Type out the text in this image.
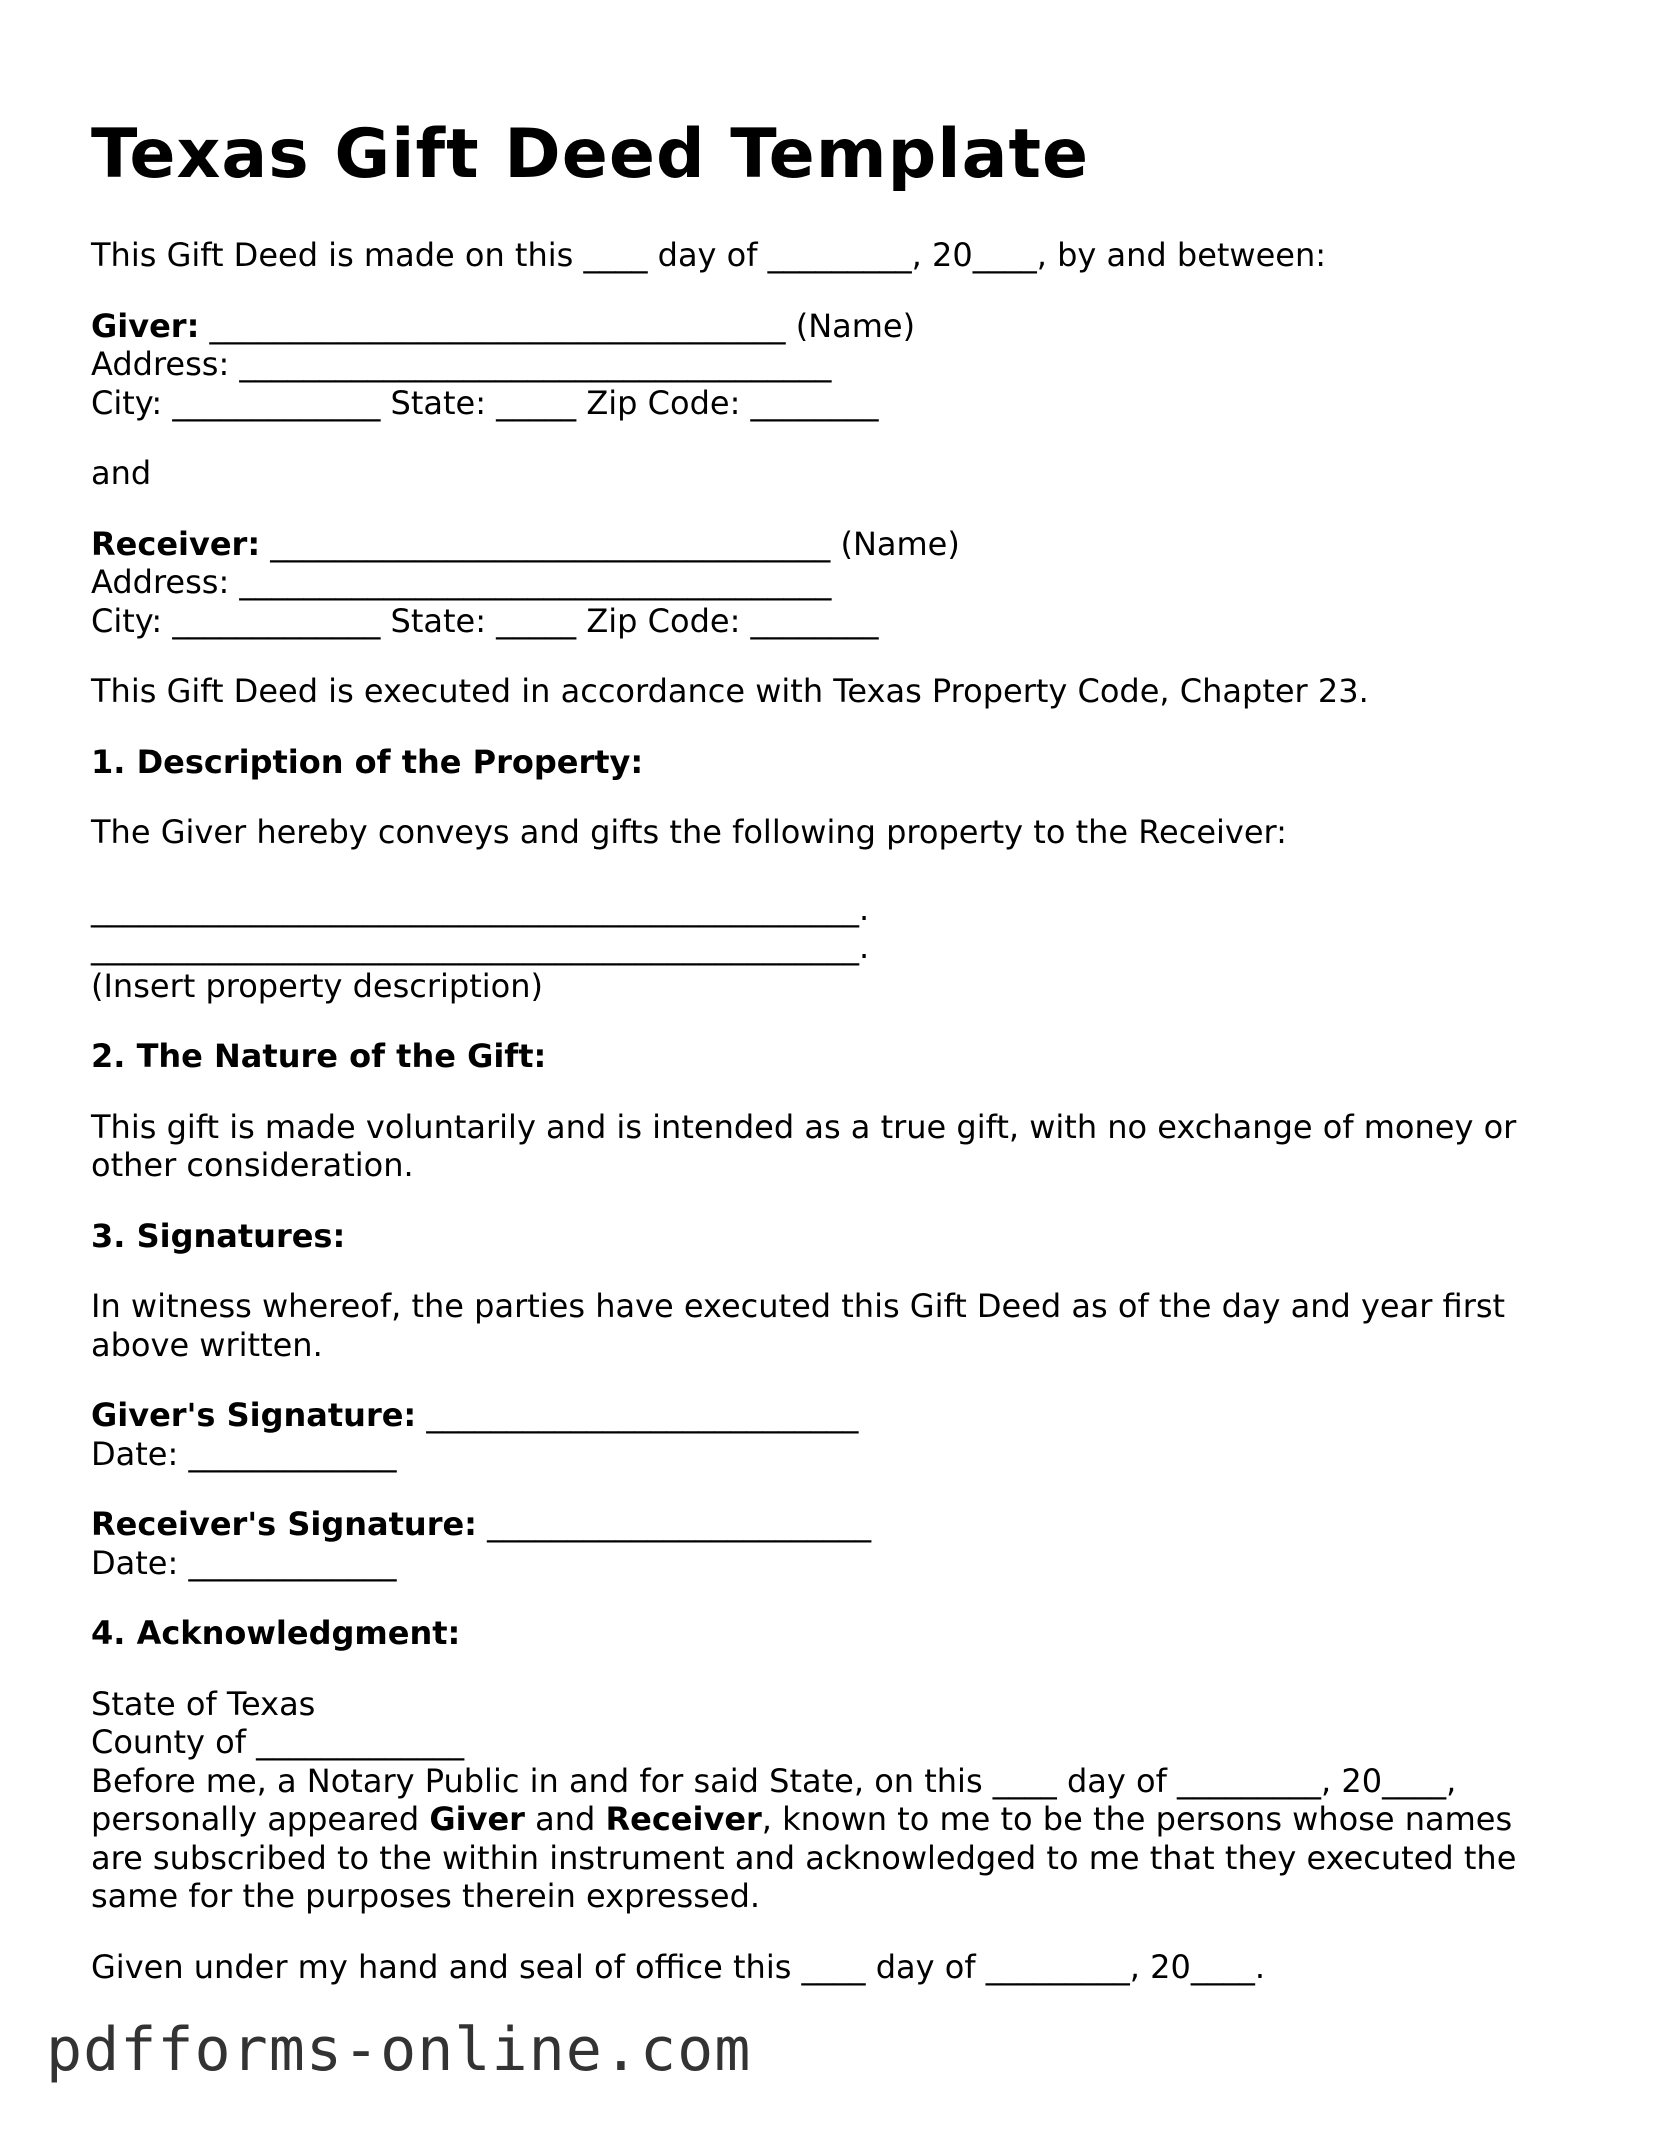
Texas Gift Deed Template

This Gift Deed is made on this ____ day of _________, 20____, by and between:

Giver: ____________________________________ (Name)

Address: _____________________________________

City: _____________ State: _____ Zip Code: ________

and

Receiver: ___________________________________ (Name)

Address: _____________________________________

City: _____________ State: _____ Zip Code: ________

This Gift Deed is executed in accordance with Texas Property Code, Chapter 23.

1. Description of the Property:

The Giver hereby conveys and gifts the following property to the Receiver:

________________________________________________.

________________________________________________.

(Insert property description)

2. The Nature of the Gift:

This gift is made voluntarily and is intended as a true gift, with no exchange of money or other consideration.

3. Signatures:

In witness whereof, the parties have executed this Gift Deed as of the day and year first above written.

Giver's Signature: ___________________________

Date: _____________

Receiver's Signature: ________________________

Date: _____________

4. Acknowledgment:

State of Texas

County of _____________

Before me, a Notary Public in and for said State, on this ____ day of _________, 20____,

personally appeared Giver and Receiver, known to me to be the persons whose names are subscribed to the within instrument and acknowledged to me that they executed the same for the purposes therein expressed.

Given under my hand and seal of office this ____ day of _________, 20____.

pdfforms-online.com
